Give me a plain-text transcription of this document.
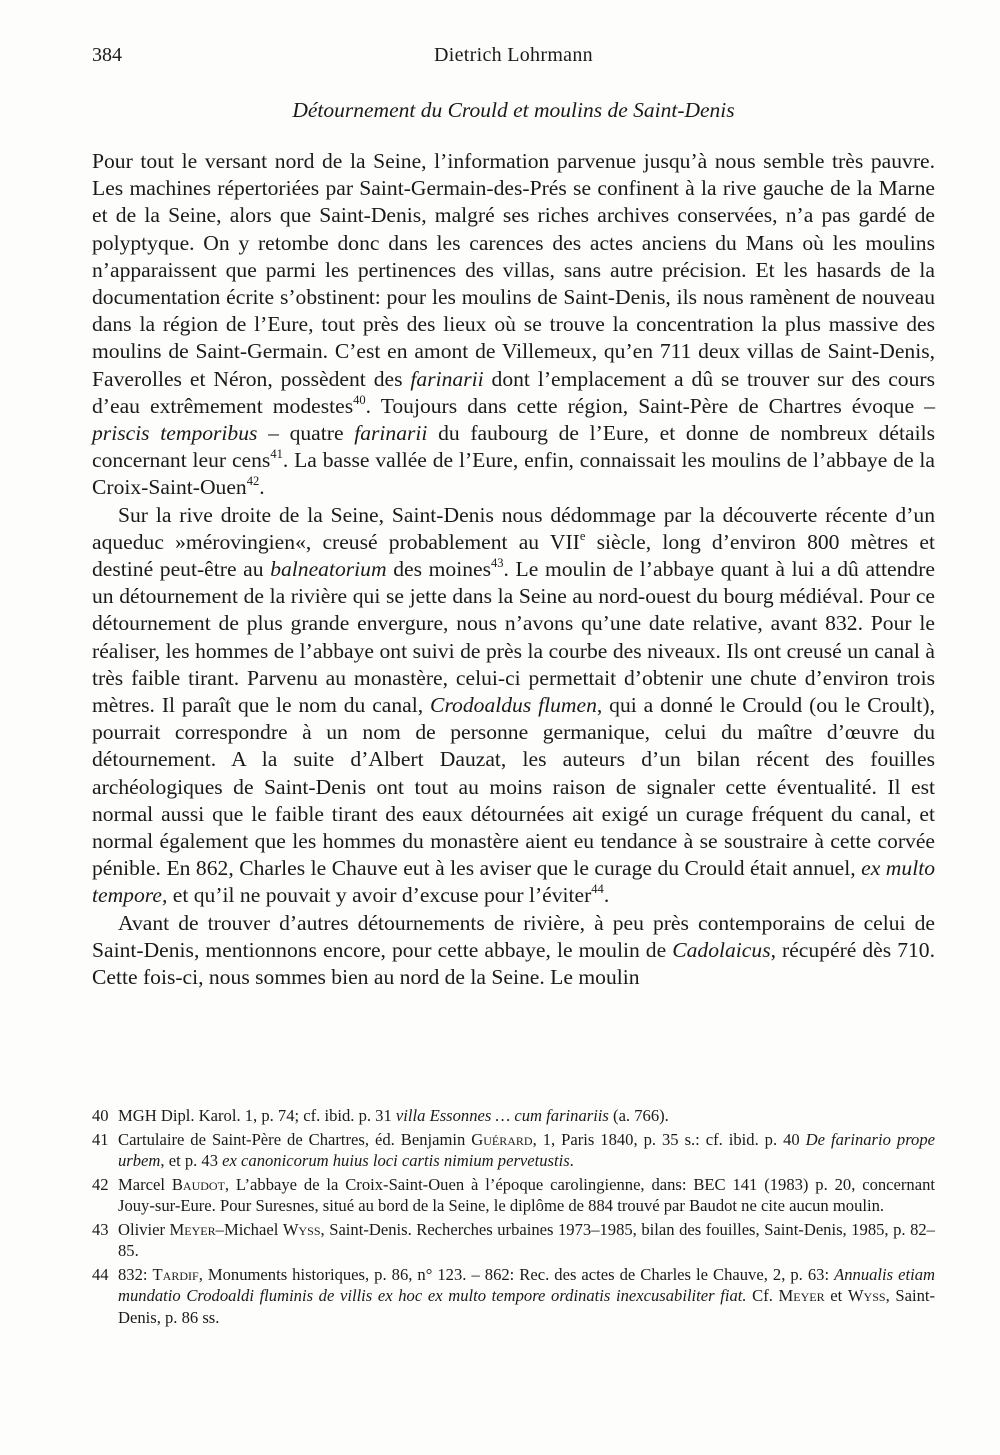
384	Dietrich Lohrmann
Détournement du Crould et moulins de Saint-Denis

Pour tout le versant nord de la Seine, l’information parvenue jusqu’à nous semble très pauvre. Les machines répertoriées par Saint-Germain-des-Prés se confinent à la rive gauche de la Marne et de la Seine, alors que Saint-Denis, malgré ses riches archives conservées, n’a pas gardé de polyptyque. On y retombe donc dans les carences des actes anciens du Mans où les moulins n’apparaissent que parmi les pertinences des villas, sans autre précision. Et les hasards de la documentation écrite s’obstinent: pour les moulins de Saint-Denis, ils nous ramènent de nouveau dans la région de l’Eure, tout près des lieux où se trouve la concentration la plus massive des moulins de Saint-Germain. C’est en amont de Villemeux, qu’en 711 deux villas de Saint-Denis, Faverolles et Néron, possèdent des farinarii dont l’emplacement a dû se trouver sur des cours d’eau extrêmement modestes$^{40}$. Toujours dans cette région, Saint-Père de Chartres évoque – priscis temporibus – quatre farinarii du faubourg de l’Eure, et donne de nombreux détails concernant leur cens$^{41}$. La basse vallée de l’Eure, enfin, connaissait les moulins de l’abbaye de la Croix-Saint-Ouen$^{42}$.

Sur la rive droite de la Seine, Saint-Denis nous dédommage par la découverte récente d’un aqueduc »mérovingien«, creusé probablement au VIIe siècle, long d’environ 800 mètres et destiné peut-être au balneatorium des moines$^{43}$. Le moulin de l’abbaye quant à lui a dû attendre un détournement de la rivière qui se jette dans la Seine au nord-ouest du bourg médiéval. Pour ce détournement de plus grande envergure, nous n’avons qu’une date relative, avant 832. Pour le réaliser, les hommes de l’abbaye ont suivi de près la courbe des niveaux. Ils ont creusé un canal à très faible tirant. Parvenu au monastère, celui-ci permettait d’obtenir une chute d’environ trois mètres. Il paraît que le nom du canal, Crodoaldus flumen, qui a donné le Crould (ou le Croult), pourrait correspondre à un nom de personne germanique, celui du maître d’œuvre du détournement. A la suite d’Albert Dauzat, les auteurs d’un bilan récent des fouilles archéologiques de Saint-Denis ont tout au moins raison de signaler cette éventualité. Il est normal aussi que le faible tirant des eaux détournées ait exigé un curage fréquent du canal, et normal également que les hommes du monastère aient eu tendance à se soustraire à cette corvée pénible. En 862, Charles le Chauve eut à les aviser que le curage du Crould était annuel, ex multo tempore, et qu’il ne pouvait y avoir d’excuse pour l’éviter$^{44}$.

Avant de trouver d’autres détournements de rivière, à peu près contemporains de celui de Saint-Denis, mentionnons encore, pour cette abbaye, le moulin de Cadolaicus, récupéré dès 710. Cette fois-ci, nous sommes bien au nord de la Seine. Le moulin

40 MGH Dipl. Karol. 1, p. 74; cf. ibid. p. 31 villa Essonnes … cum farinariis (a. 766).
41 Cartulaire de Saint-Père de Chartres, éd. Benjamin Guérard, 1, Paris 1840, p. 35 s.: cf. ibid. p. 40 De farinario prope urbem, et p. 43 ex canonicorum huius loci cartis nimium pervetustis.
42 Marcel Baudot, L’abbaye de la Croix-Saint-Ouen à l’époque carolingienne, dans: BEC 141 (1983) p. 20, concernant Jouy-sur-Eure. Pour Suresnes, situé au bord de la Seine, le diplôme de 884 trouvé par Baudot ne cite aucun moulin.
43 Olivier Meyer–Michael Wyss, Saint-Denis. Recherches urbaines 1973–1985, bilan des fouilles, Saint-Denis, 1985, p. 82–85.
44 832: Tardif, Monuments historiques, p. 86, n° 123. – 862: Rec. des actes de Charles le Chauve, 2, p. 63: Annualis etiam mundatio Crodoaldi fluminis de villis ex hoc ex multo tempore ordinatis inexcusabiliter fiat. Cf. Meyer et Wyss, Saint-Denis, p. 86 ss.
